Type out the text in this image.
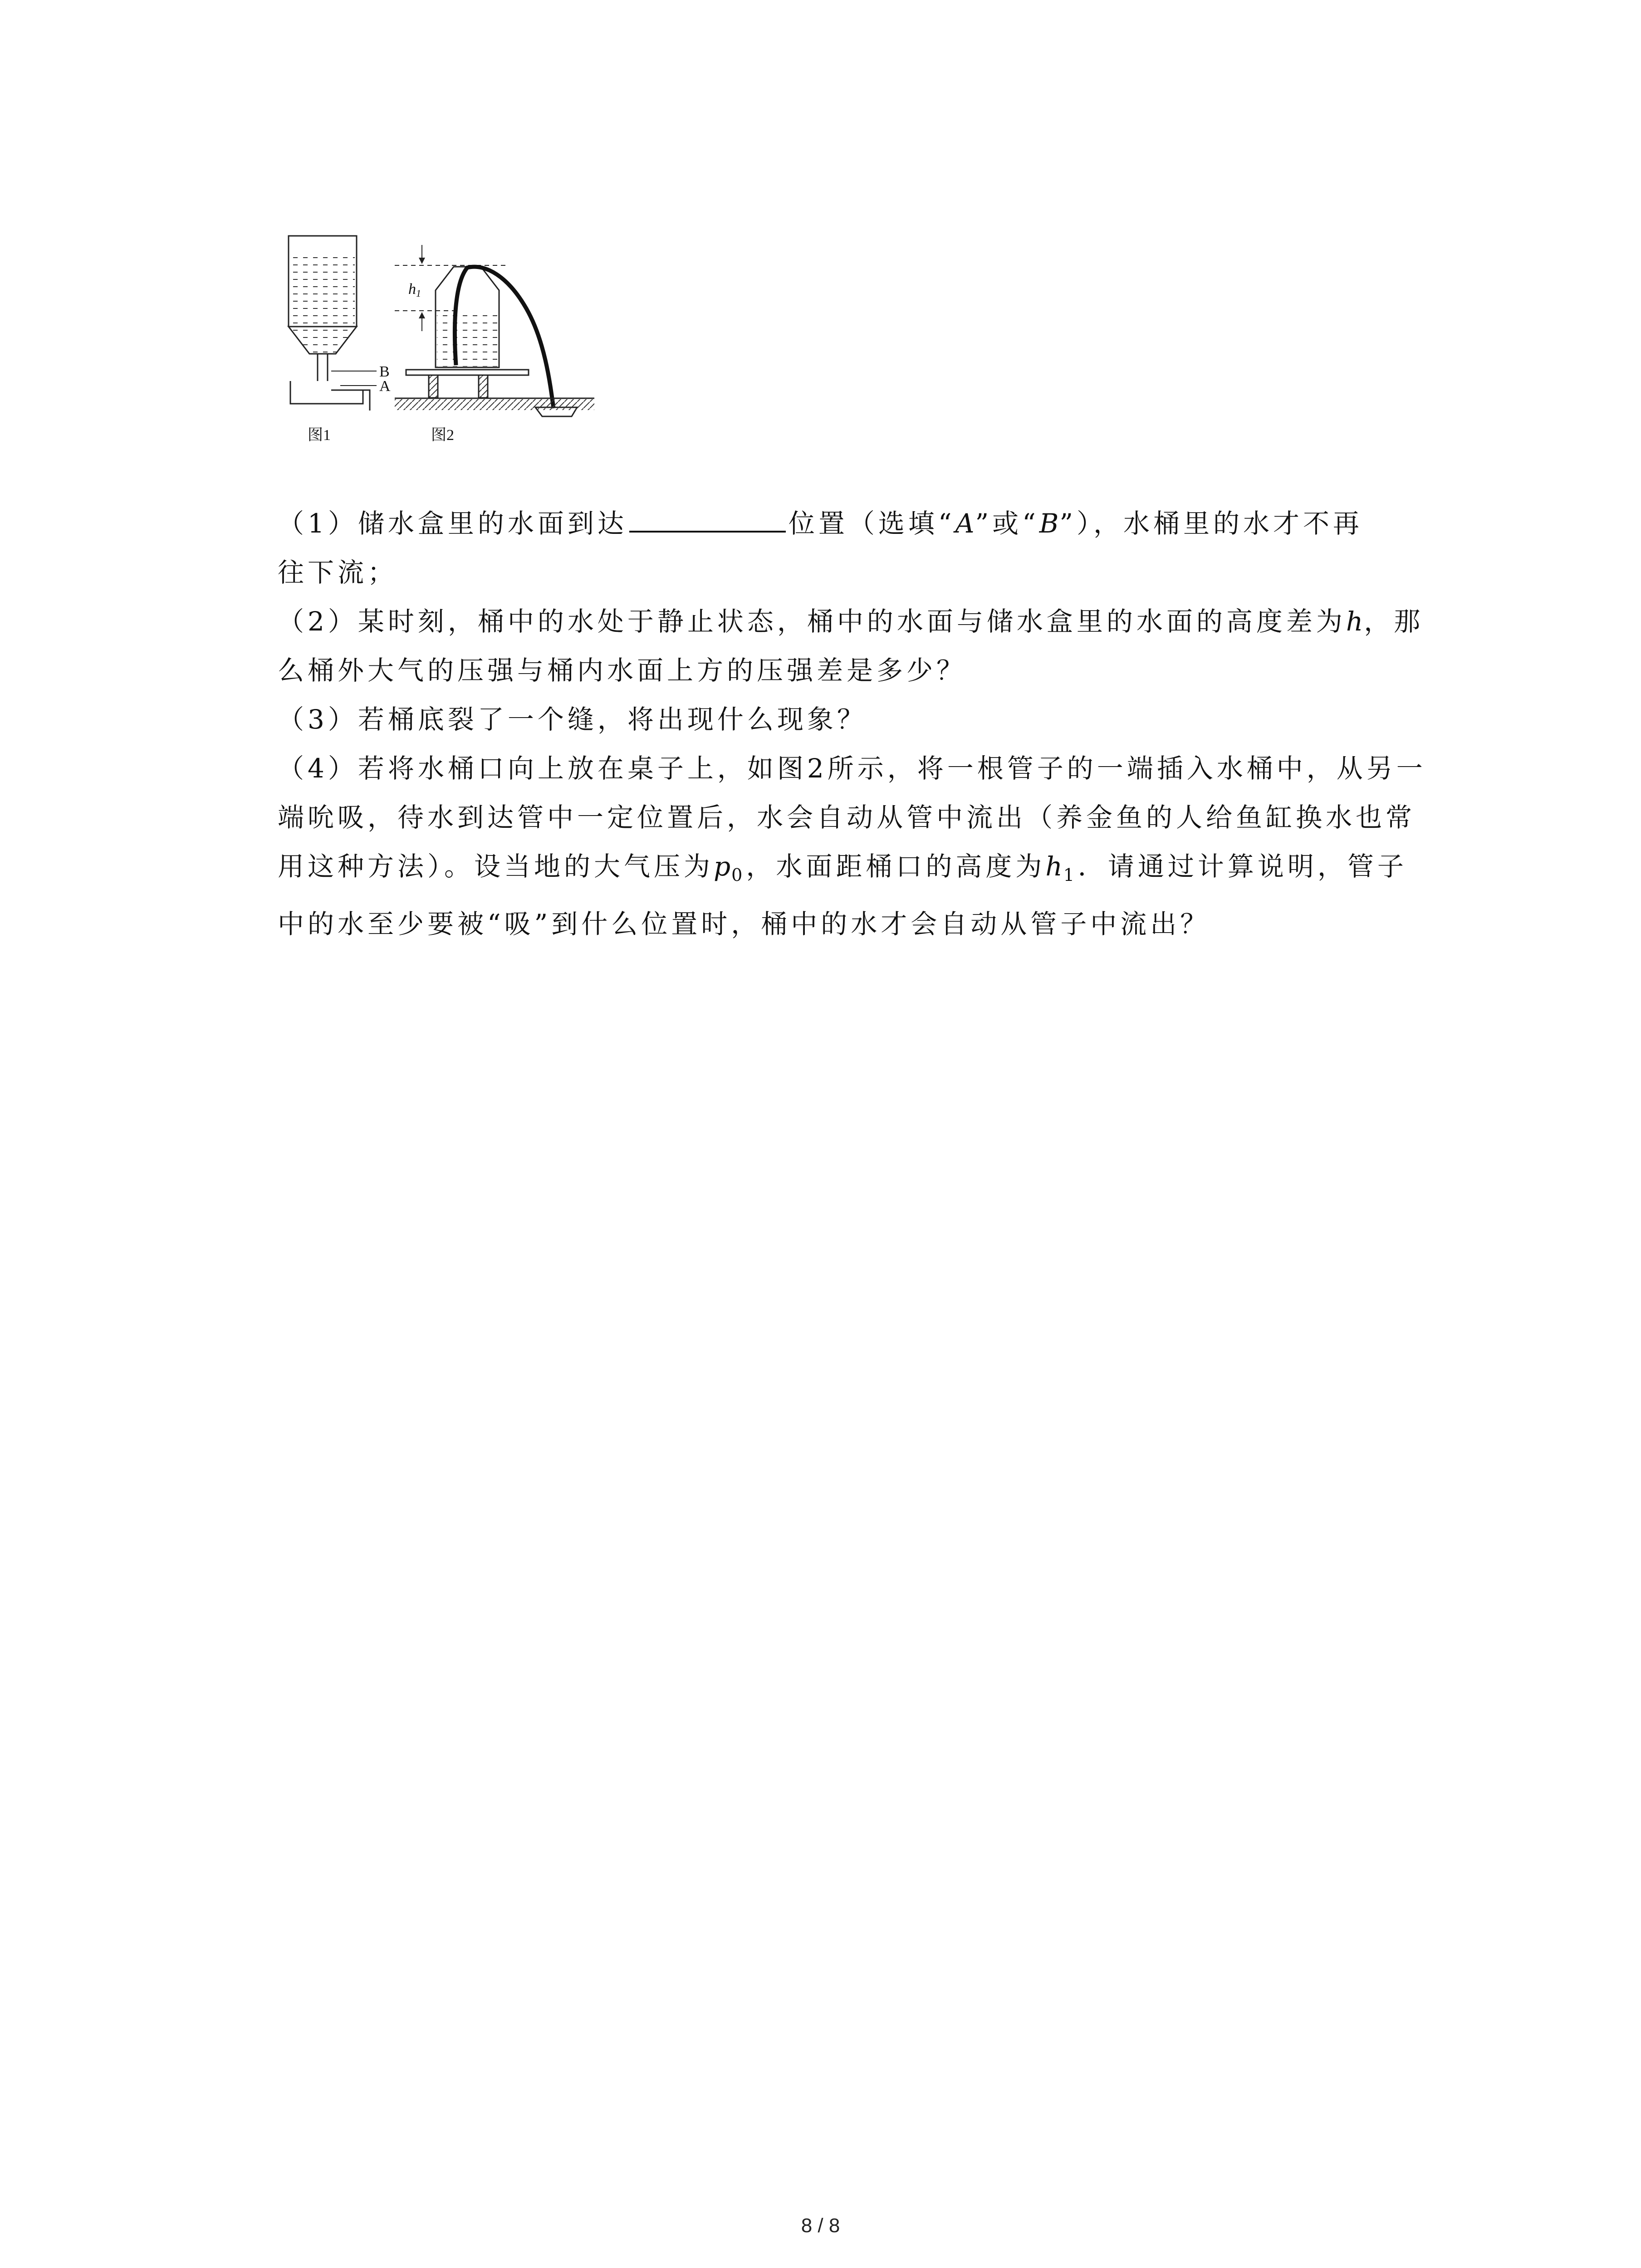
B
A
图1
h1
图2
（1）储水盒里的水面到达	位置（选填“A”或“B”），水桶里的水才不再
往下流；
（2）某时刻，桶中的水处于静止状态，桶中的水面与储水盒里的水面的高度差为h，那
么桶外大气的压强与桶内水面上方的压强差是多少？
（3）若桶底裂了一个缝，将出现什么现象？
（4）若将水桶口向上放在桌子上，如图2所示，将一根管子的一端插入水桶中，从另一
端吮吸，待水到达管中一定位置后，水会自动从管中流出（养金鱼的人给鱼缸换水也常
用这种方法）。设当地的大气压为$p_0$，水面距桶口的高度为$h_1$．请通过计算说明，管子
中的水至少要被“吸”到什么位置时，桶中的水才会自动从管子中流出？
8 / 8
